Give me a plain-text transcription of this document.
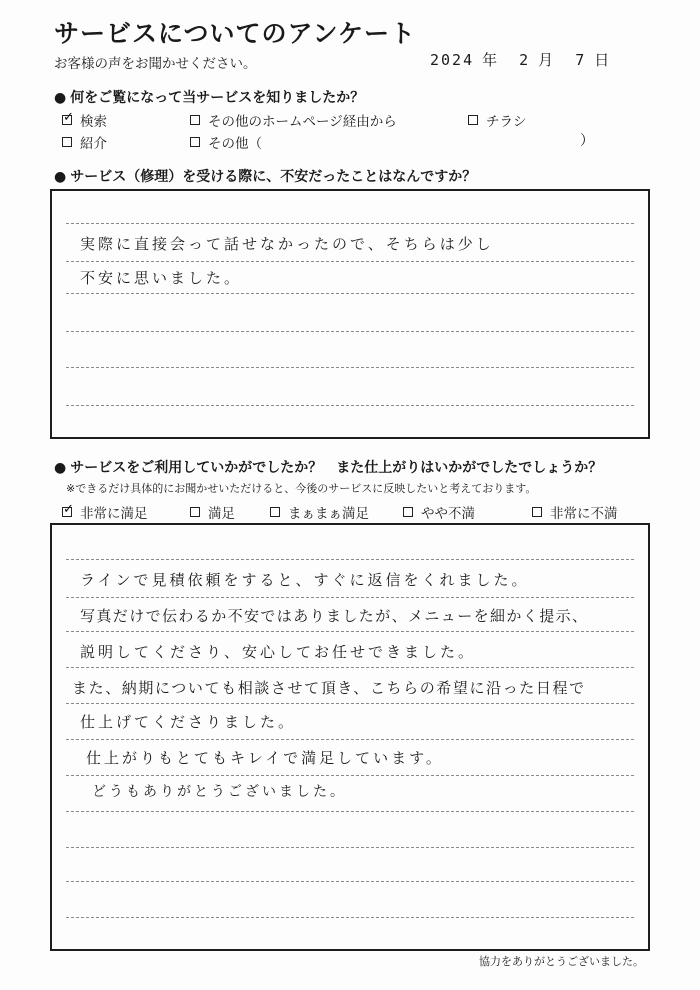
サービスについてのアンケート
お客様の声をお聞かせください。	2024 年 2 月 7 日
● 何をご覧になって当サービスを知りましたか？
✓ 検索	その他のホームページ経由から	チラシ
紹介	その他（	）
● サービス（修理）を受ける際に、不安だったことはなんですか？
実際に直接会って話せなかったので、そちらは少し
不安に思いました。
● サービスをご利用していかがでしたか？　また仕上がりはいかがでしたでしょうか？
※できるだけ具体的にお聞かせいただけると、今後のサービスに反映したいと考えております。
✓ 非常に満足	満足	まぁまぁ満足	やや不満	非常に不満
ラインで見積依頼をすると、すぐに返信をくれました。
写真だけで伝わるか不安ではありましたが、メニューを細かく提示、
説明してくださり、安心してお任せできました。
また、納期についても相談させて頂き、こちらの希望に沿った日程で
仕上げてくださりました。
仕上がりもとてもキレイで満足しています。
どうもありがとうございました。
協力をありがとうございました。
